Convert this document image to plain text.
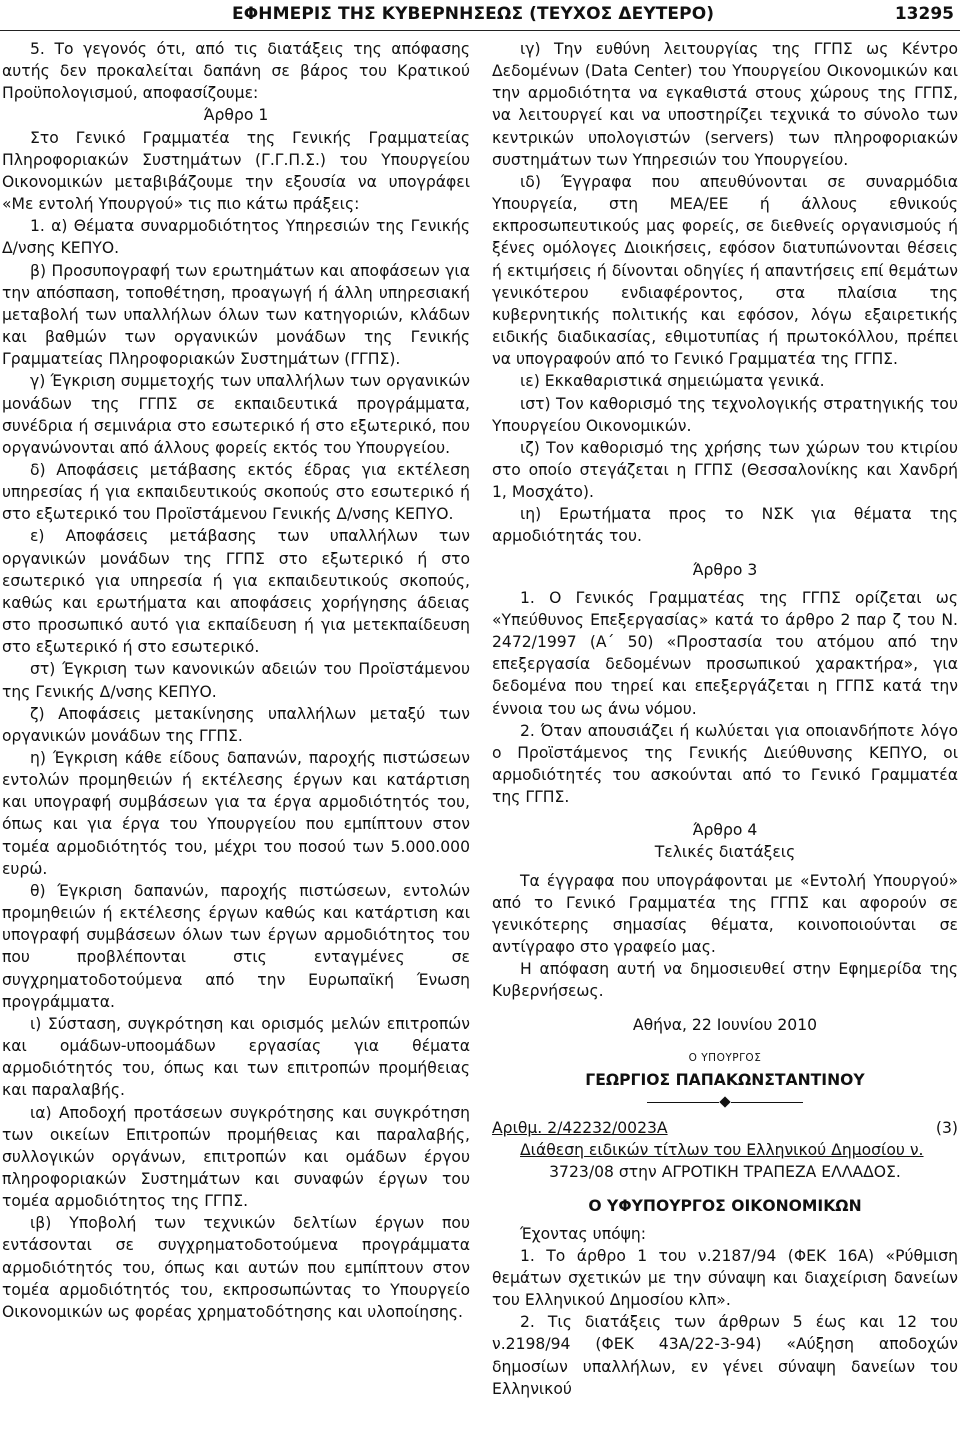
ΕΦΗΜΕΡΙΣ ΤΗΣ ΚΥΒΕΡΝΗΣΕΩΣ (ΤΕΥΧΟΣ ΔΕΥΤΕΡΟ)	13295

5. Το γεγονός ότι, από τις διατάξεις της απόφασης αυτής δεν προκαλείται δαπάνη σε βάρος του Κρατικού Προϋπολογισμού, αποφασίζουμε:

Άρθρο 1

Στο Γενικό Γραμματέα της Γενικής Γραμματείας Πληροφοριακών Συστημάτων (Γ.Γ.Π.Σ.) του Υπουργείου Οικονομικών μεταβιβάζουμε την εξουσία να υπογράφει «Με εντολή Υπουργού» τις πιο κάτω πράξεις:

1. α) Θέματα συναρμοδιότητος Υπηρεσιών της Γενικής Δ/νσης ΚΕΠΥΟ.

β) Προσυπογραφή των ερωτημάτων και αποφάσεων για την απόσπαση, τοποθέτηση, προαγωγή ή άλλη υπηρεσιακή μεταβολή των υπαλλήλων όλων των κατηγοριών, κλάδων και βαθμών των οργανικών μονάδων της Γενικής Γραμματείας Πληροφοριακών Συστημάτων (ΓΓΠΣ).

γ) Έγκριση συμμετοχής των υπαλλήλων των οργανικών μονάδων της ΓΓΠΣ σε εκπαιδευτικά προγράμματα, συνέδρια ή σεμινάρια στο εσωτερικό ή στο εξωτερικό, που οργανώνονται από άλλους φορείς εκτός του Υπουργείου.

δ) Αποφάσεις μετάβασης εκτός έδρας για εκτέλεση υπηρεσίας ή για εκπαιδευτικούς σκοπούς στο εσωτερικό ή στο εξωτερικό του Προϊστάμενου Γενικής Δ/νσης ΚΕΠΥΟ.

ε) Αποφάσεις μετάβασης των υπαλλήλων των οργανικών μονάδων της ΓΓΠΣ στο εξωτερικό ή στο εσωτερικό για υπηρεσία ή για εκπαιδευτικούς σκοπούς, καθώς και ερωτήματα και αποφάσεις χορήγησης άδειας στο προσωπικό αυτό για εκπαίδευση ή για μετεκπαίδευση στο εξωτερικό ή στο εσωτερικό.

στ) Έγκριση των κανονικών αδειών του Προϊστάμενου της Γενικής Δ/νσης ΚΕΠΥΟ.

ζ) Αποφάσεις μετακίνησης υπαλλήλων μεταξύ των οργανικών μονάδων της ΓΓΠΣ.

η) Έγκριση κάθε είδους δαπανών, παροχής πιστώσεων εντολών προμηθειών ή εκτέλεσης έργων και κατάρτιση και υπογραφή συμβάσεων για τα έργα αρμοδιότητός του, όπως και για έργα του Υπουργείου που εμπίπτουν στον τομέα αρμοδιότητός του, μέχρι του ποσού των 5.000.000 ευρώ.

θ) Έγκριση δαπανών, παροχής πιστώσεων, εντολών προμηθειών ή εκτέλεσης έργων καθώς και κατάρτιση και υπογραφή συμβάσεων όλων των έργων αρμοδιότητος του που προβλέπονται στις ενταγμένες σε συγχρηματοδοτούμενα από την Ευρωπαϊκή Ένωση προγράμματα.

ι) Σύσταση, συγκρότηση και ορισμός μελών επιτροπών και ομάδων-υποομάδων εργασίας για θέματα αρμοδιότητός του, όπως και των επιτροπών προμήθειας και παραλαβής.

ια) Αποδοχή προτάσεων συγκρότησης και συγκρότηση των οικείων Επιτροπών προμήθειας και παραλαβής, συλλογικών οργάνων, επιτροπών και ομάδων έργου πληροφοριακών Συστημάτων και συναφών έργων του τομέα αρμοδιότητος της ΓΓΠΣ.

ιβ) Υποβολή των τεχνικών δελτίων έργων που εντάσονται σε συγχρηματοδοτούμενα προγράμματα αρμοδιότητός του, όπως και αυτών που εμπίπτουν στον τομέα αρμοδιότητός του, εκπροσωπώντας το Υπουργείο Οικονομικών ως φορέας χρηματοδότησης και υλοποίησης.

ιγ) Την ευθύνη λειτουργίας της ΓΓΠΣ ως Κέντρο Δεδομένων (Data Center) του Υπουργείου Οικονομικών και την αρμοδιότητα να εγκαθιστά στους χώρους της ΓΓΠΣ, να λειτουργεί και να υποστηρίζει τεχνικά το σύνολο των κεντρικών υπολογιστών (servers) των πληροφοριακών συστημάτων των Υπηρεσιών του Υπουργείου.

ιδ) Έγγραφα που απευθύνονται σε συναρμόδια Υπουργεία, στη ΜΕΑ/ΕΕ ή άλλους εθνικούς εκπροσωπευτικούς μας φορείς, σε διεθνείς οργανισμούς ή ξένες ομόλογες Διοικήσεις, εφόσον διατυπώνονται θέσεις ή εκτιμήσεις ή δίνονται οδηγίες ή απαντήσεις επί θεμάτων γενικότερου ενδιαφέροντος, στα πλαίσια της κυβερνητικής πολιτικής και εφόσον, λόγω εξαιρετικής ειδικής διαδικασίας, εθιμοτυπίας ή πρωτοκόλλου, πρέπει να υπογραφούν από το Γενικό Γραμματέα της ΓΓΠΣ.

ιε) Εκκαθαριστικά σημειώματα γενικά.

ιστ) Τον καθορισμό της τεχνολογικής στρατηγικής του Υπουργείου Οικονομικών.

ιζ) Τον καθορισμό της χρήσης των χώρων του κτιρίου στο οποίο στεγάζεται η ΓΓΠΣ (Θεσσαλονίκης και Χανδρή 1, Μοσχάτο).

ιη) Ερωτήματα προς το ΝΣΚ για θέματα της αρμοδιότητάς του.

Άρθρο 3

1. Ο Γενικός Γραμματέας της ΓΓΠΣ ορίζεται ως «Υπεύθυνος Επεξεργασίας» κατά το άρθρο 2 παρ ζ του Ν. 2472/1997 (Α΄ 50) «Προστασία του ατόμου από την επεξεργασία δεδομένων προσωπικού χαρακτήρα», για δεδομένα που τηρεί και επεξεργάζεται η ΓΓΠΣ κατά την έννοια του ως άνω νόμου.

2. Όταν απουσιάζει ή κωλύεται για οποιανδήποτε λόγο ο Προϊστάμενος της Γενικής Διεύθυνσης ΚΕΠΥΟ, οι αρμοδιότητές του ασκούνται από το Γενικό Γραμματέα της ΓΓΠΣ.

Άρθρο 4

Τελικές διατάξεις

Τα έγγραφα που υπογράφονται με «Εντολή Υπουργού» από το Γενικό Γραμματέα της ΓΓΠΣ και αφορούν σε γενικότερης σημασίας θέματα, κοινοποιούνται σε αντίγραφο στο γραφείο μας.

Η απόφαση αυτή να δημοσιευθεί στην Εφημερίδα της Κυβερνήσεως.

Αθήνα, 22 Ιουνίου 2010

Ο ΥΠΟΥΡΓΟΣ

ΓΕΩΡΓΙΟΣ ΠΑΠΑΚΩΝΣΤΑΝΤΙΝΟΥ

Αριθμ. 2/42232/0023Α	(3)

Διάθεση ειδικών τίτλων του Ελληνικού Δημοσίου ν.

3723/08 στην ΑΓΡΟΤΙΚΗ ΤΡΑΠΕΖΑ ΕΛΛΑΔΟΣ.

Ο ΥΦΥΠΟΥΡΓΟΣ ΟΙΚΟΝΟΜΙΚΩΝ

Έχοντας υπόψη:

1. Το άρθρο 1 του ν.2187/94 (ΦΕΚ 16Α) «Ρύθμιση θεμάτων σχετικών με την σύναψη και διαχείριση δανείων του Ελληνικού Δημοσίου κλπ».

2. Τις διατάξεις των άρθρων 5 έως και 12 του ν.2198/94 (ΦΕΚ 43Α/22-3-94) «Αύξηση αποδοχών δημοσίων υπαλλήλων, εν γένει σύναψη δανείων του Ελληνικού
